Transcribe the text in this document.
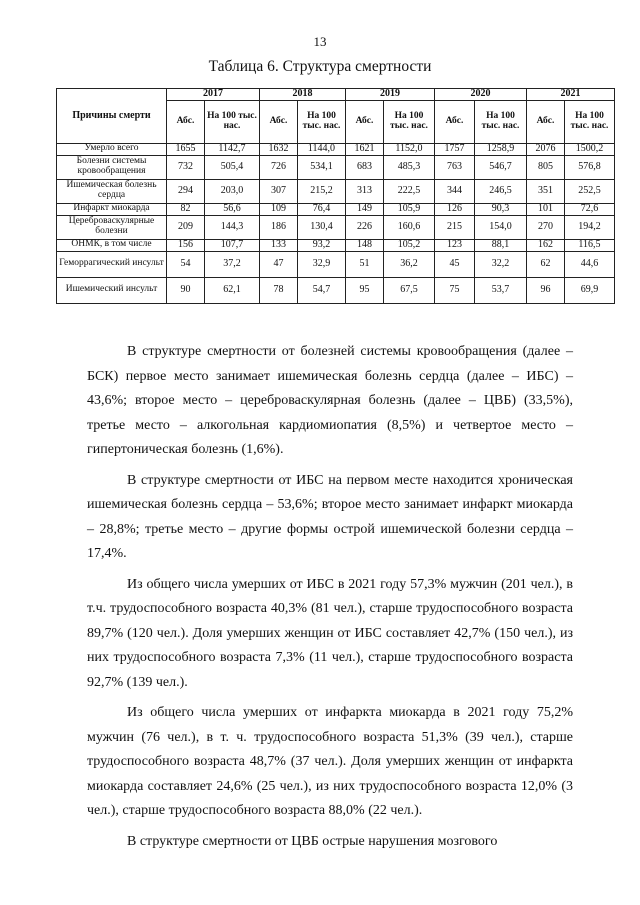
13
Таблица 6. Структура смертности
Причины смерти	2017		2018		2019		2020		2021	
	Абс.	На 100 тыс. нас.	Абс.	На 100 тыс. нас.	Абс.	На 100 тыс. нас.	Абс.	На 100 тыс. нас.	Абс.	На 100 тыс. нас.
Умерло всего	1655	1142,7	1632	1144,0	1621	1152,0	1757	1258,9	2076	1500,2
Болезни системы кровообращения	732	505,4	726	534,1	683	485,3	763	546,7	805	576,8
Ишемическая болезнь сердца	294	203,0	307	215,2	313	222,5	344	246,5	351	252,5
Инфаркт миокарда	82	56,6	109	76,4	149	105,9	126	90,3	101	72,6
Цереброваскулярные болезни	209	144,3	186	130,4	226	160,6	215	154,0	270	194,2
ОНМК, в том числе	156	107,7	133	93,2	148	105,2	123	88,1	162	116,5
Геморрагический инсульт	54	37,2	47	32,9	51	36,2	45	32,2	62	44,6
Ишемический инсульт	90	62,1	78	54,7	95	67,5	75	53,7	96	69,9

В структуре смертности от болезней системы кровообращения (далее – БСК) первое место занимает ишемическая болезнь сердца (далее – ИБС) – 43,6%; второе место – цереброваскулярная болезнь (далее – ЦВБ) (33,5%), третье место – алкогольная кардиомиопатия (8,5%) и четвертое место – гипертоническая болезнь (1,6%).

В структуре смертности от ИБС на первом месте находится хроническая ишемическая болезнь сердца – 53,6%; второе место занимает инфаркт миокарда – 28,8%; третье место – другие формы острой ишемической болезни сердца – 17,4%.

Из общего числа умерших от ИБС в 2021 году 57,3% мужчин (201 чел.), в т.ч. трудоспособного возраста 40,3% (81 чел.), старше трудоспособного возраста 89,7% (120 чел.). Доля умерших женщин от ИБС составляет 42,7% (150 чел.), из них трудоспособного возраста 7,3% (11 чел.), старше трудоспособного возраста 92,7% (139 чел.).

Из общего числа умерших от инфаркта миокарда в 2021 году 75,2% мужчин (76 чел.), в т. ч. трудоспособного возраста 51,3% (39 чел.), старше трудоспособного возраста 48,7% (37 чел.). Доля умерших женщин от инфаркта миокарда составляет 24,6% (25 чел.), из них трудоспособного возраста 12,0% (3 чел.), старше трудоспособного возраста 88,0% (22 чел.).

В структуре смертности от ЦВБ острые нарушения мозгового
